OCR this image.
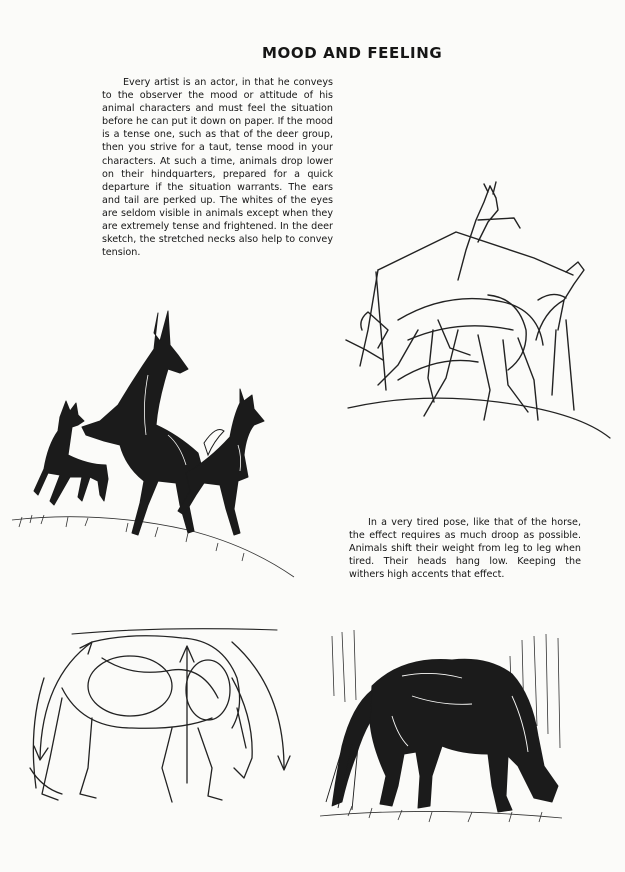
MOOD AND FEELING

Every artist is an actor, in that he conveys to the observer the mood or attitude of his animal characters and must feel the situation before he can put it down on paper. If the mood is a tense one, such as that of the deer group, then you strive for a taut, tense mood in your characters. At such a time, animals drop lower on their hindquarters, prepared for a quick departure if the situation warrants. The ears and tail are perked up. The whites of the eyes are seldom visible in animals except when they are extremely tense and frightened. In the deer sketch, the stretched necks also help to convey tension.

In a very tired pose, like that of the horse, the effect requires as much droop as possible. Animals shift their weight from leg to leg when tired. Their heads hang low. Keeping the withers high accents that effect.
